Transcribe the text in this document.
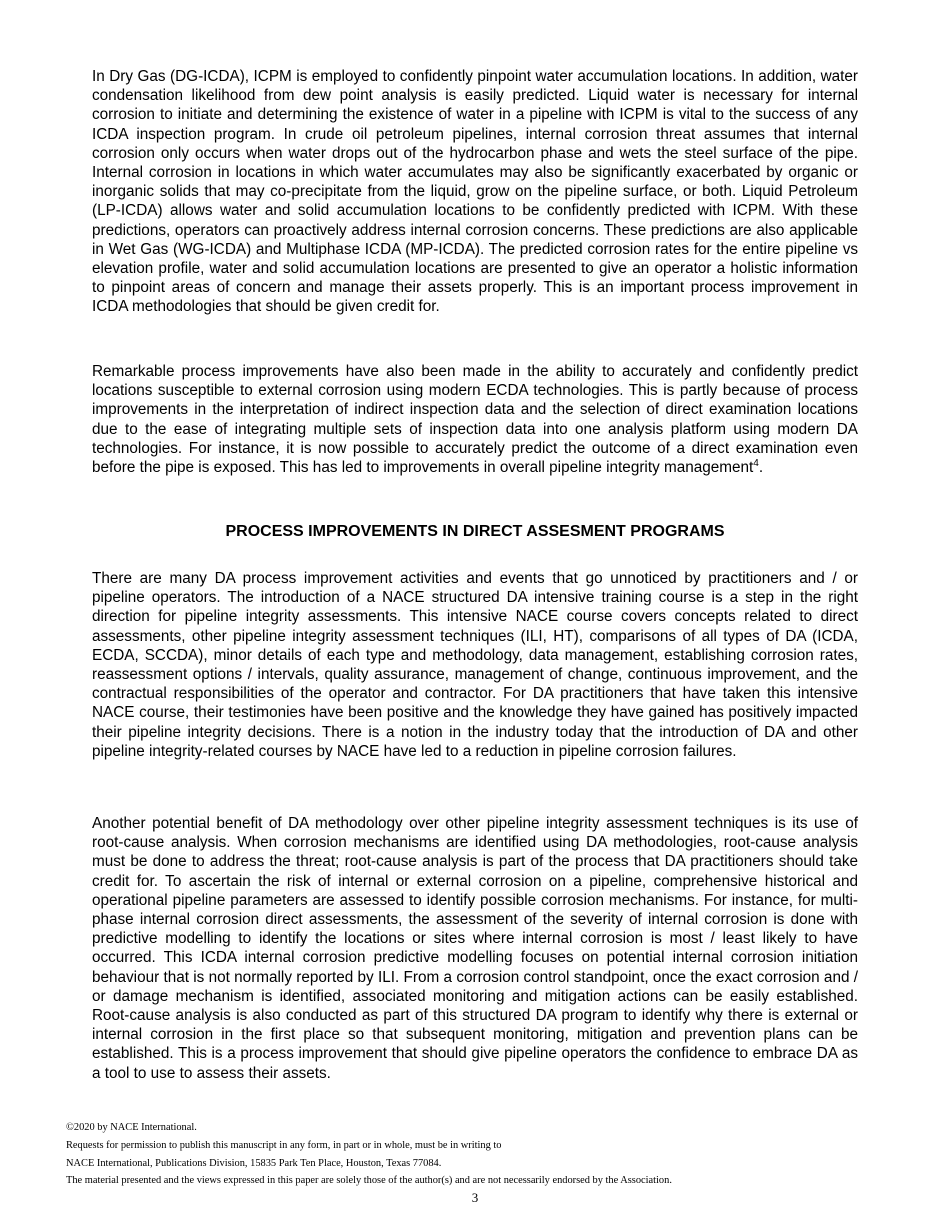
In Dry Gas (DG-ICDA), ICPM is employed to confidently pinpoint water accumulation locations. In addition, water condensation likelihood from dew point analysis is easily predicted. Liquid water is necessary for internal corrosion to initiate and determining the existence of water in a pipeline with ICPM is vital to the success of any ICDA inspection program. In crude oil petroleum pipelines, internal corrosion threat assumes that internal corrosion only occurs when water drops out of the hydrocarbon phase and wets the steel surface of the pipe. Internal corrosion in locations in which water accumulates may also be significantly exacerbated by organic or inorganic solids that may co-precipitate from the liquid, grow on the pipeline surface, or both. Liquid Petroleum (LP-ICDA) allows water and solid accumulation locations to be confidently predicted with ICPM. With these predictions, operators can proactively address internal corrosion concerns. These predictions are also applicable in Wet Gas (WG-ICDA) and Multiphase ICDA (MP-ICDA). The predicted corrosion rates for the entire pipeline vs elevation profile, water and solid accumulation locations are presented to give an operator a holistic information to pinpoint areas of concern and manage their assets properly. This is an important process improvement in ICDA methodologies that should be given credit for.

Remarkable process improvements have also been made in the ability to accurately and confidently predict locations susceptible to external corrosion using modern ECDA technologies. This is partly because of process improvements in the interpretation of indirect inspection data and the selection of direct examination locations due to the ease of integrating multiple sets of inspection data into one analysis platform using modern DA technologies. For instance, it is now possible to accurately predict the outcome of a direct examination even before the pipe is exposed. This has led to improvements in overall pipeline integrity management$^4$.

PROCESS IMPROVEMENTS IN DIRECT ASSESMENT PROGRAMS

There are many DA process improvement activities and events that go unnoticed by practitioners and / or pipeline operators. The introduction of a NACE structured DA intensive training course is a step in the right direction for pipeline integrity assessments. This intensive NACE course covers concepts related to direct assessments, other pipeline integrity assessment techniques (ILI, HT), comparisons of all types of DA (ICDA, ECDA, SCCDA), minor details of each type and methodology, data management, establishing corrosion rates, reassessment options / intervals, quality assurance, management of change, continuous improvement, and the contractual responsibilities of the operator and contractor. For DA practitioners that have taken this intensive NACE course, their testimonies have been positive and the knowledge they have gained has positively impacted their pipeline integrity decisions. There is a notion in the industry today that the introduction of DA and other pipeline integrity-related courses by NACE have led to a reduction in pipeline corrosion failures.

Another potential benefit of DA methodology over other pipeline integrity assessment techniques is its use of root-cause analysis. When corrosion mechanisms are identified using DA methodologies, root-cause analysis must be done to address the threat; root-cause analysis is part of the process that DA practitioners should take credit for. To ascertain the risk of internal or external corrosion on a pipeline, comprehensive historical and operational pipeline parameters are assessed to identify possible corrosion mechanisms. For instance, for multi-phase internal corrosion direct assessments, the assessment of the severity of internal corrosion is done with predictive modelling to identify the locations or sites where internal corrosion is most / least likely to have occurred. This ICDA internal corrosion predictive modelling focuses on potential internal corrosion initiation behaviour that is not normally reported by ILI. From a corrosion control standpoint, once the exact corrosion and / or damage mechanism is identified, associated monitoring and mitigation actions can be easily established. Root-cause analysis is also conducted as part of this structured DA program to identify why there is external or internal corrosion in the first place so that subsequent monitoring, mitigation and prevention plans can be established. This is a process improvement that should give pipeline operators the confidence to embrace DA as a tool to use to assess their assets.

©2020 by NACE International.
Requests for permission to publish this manuscript in any form, in part or in whole, must be in writing to
NACE International, Publications Division, 15835 Park Ten Place, Houston, Texas 77084.
The material presented and the views expressed in this paper are solely those of the author(s) and are not necessarily endorsed by the Association.
3
